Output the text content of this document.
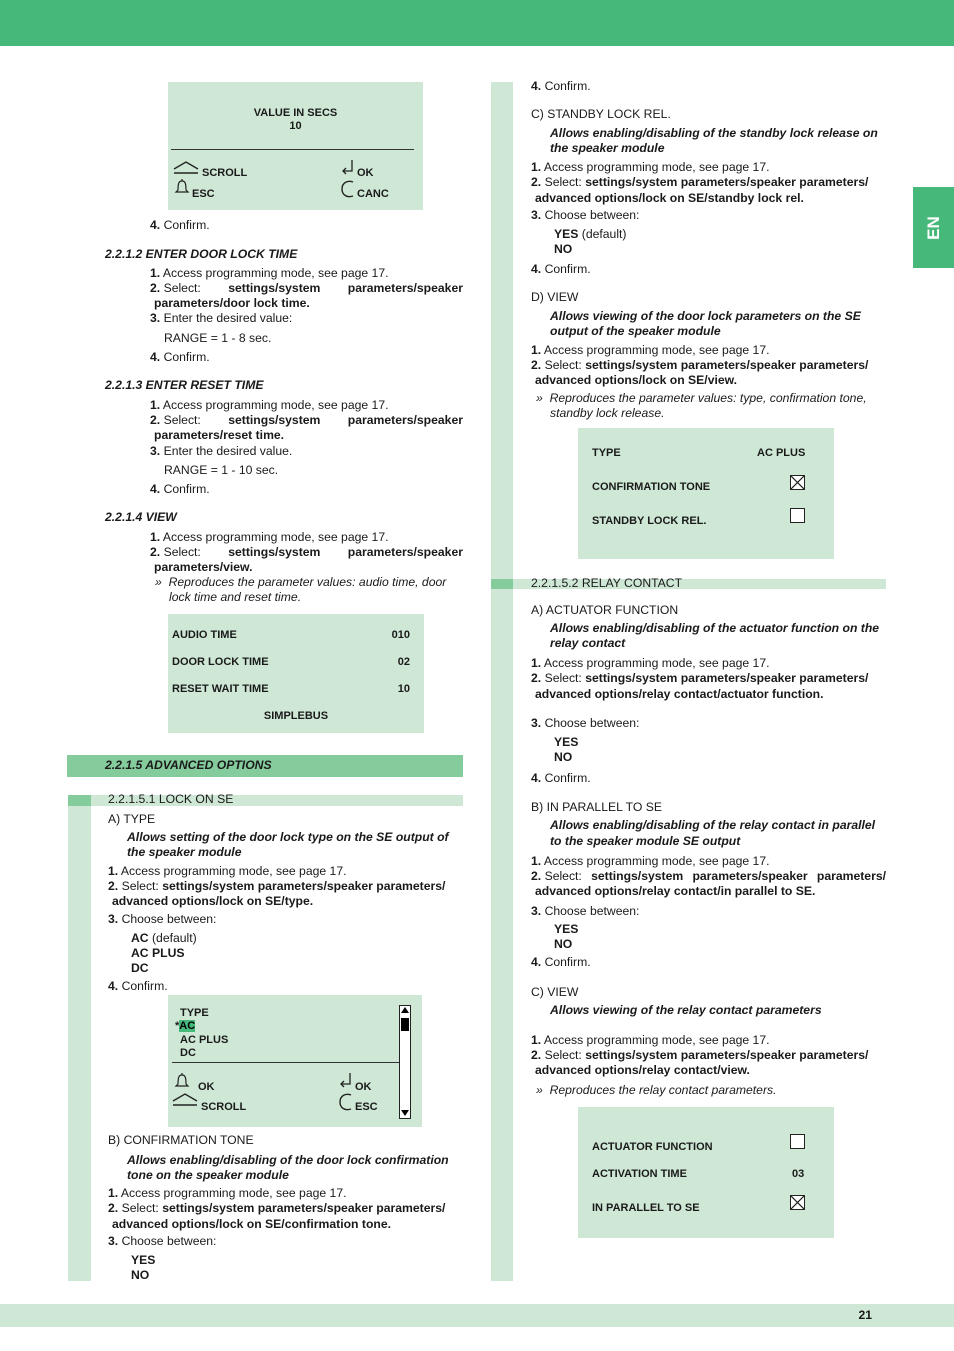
EN
21
VALUE IN SECS
10
SCROLL
ESC
OK
CANC
4. Confirm.
2.2.1.2 ENTER DOOR LOCK TIME
1. Access programming mode, see page 17.
2. Select: settings/system parameters/speaker
parameters/door lock time.
3. Enter the desired value:
RANGE = 1 - 8 sec.
4. Confirm.
2.2.1.3 ENTER RESET TIME
1. Access programming mode, see page 17.
2. Select: settings/system parameters/speaker
parameters/reset time.
3. Enter the desired value.
RANGE = 1 - 10 sec.
4. Confirm.
2.2.1.4 VIEW
1. Access programming mode, see page 17.
2. Select: settings/system parameters/speaker
parameters/view.
» Reproduces the parameter values: audio time, door
lock time and reset time.
AUDIO TIME	010
DOOR LOCK TIME	02
RESET WAIT TIME	10
SIMPLEBUS
2.2.1.5 ADVANCED OPTIONS
2.2.1.5.1 LOCK ON SE
A) TYPE
Allows setting of the door lock type on the SE output of
the speaker module
1. Access programming mode, see page 17.
2. Select: settings/system parameters/speaker parameters/
advanced options/lock on SE/type.
3. Choose between:
AC (default)
AC PLUS
DC
4. Confirm.
TYPE
*AC
AC PLUS
DC
OK
SCROLL
OK
ESC
B) CONFIRMATION TONE
Allows enabling/disabling of the door lock confirmation
tone on the speaker module
1. Access programming mode, see page 17.
2. Select: settings/system parameters/speaker parameters/
advanced options/lock on SE/confirmation tone.
3. Choose between:
YES
NO
4. Confirm.
C) STANDBY LOCK REL.
Allows enabling/disabling of the standby lock release on
the speaker module
1. Access programming mode, see page 17.
2. Select: settings/system parameters/speaker parameters/
advanced options/lock on SE/standby lock rel.
3. Choose between:
YES (default)
NO
4. Confirm.
D) VIEW
Allows viewing of the door lock parameters on the SE
output of the speaker module
1. Access programming mode, see page 17.
2. Select: settings/system parameters/speaker parameters/
advanced options/lock on SE/view.
» Reproduces the parameter values: type, confirmation tone,
standby lock release.
TYPE	AC PLUS
CONFIRMATION TONE
STANDBY LOCK REL.
2.2.1.5.2 RELAY CONTACT
A) ACTUATOR FUNCTION
Allows enabling/disabling of the actuator function on the
relay contact
1. Access programming mode, see page 17.
2. Select: settings/system parameters/speaker parameters/
advanced options/relay contact/actuator function.
3. Choose between:
YES
NO
4. Confirm.
B) IN PARALLEL TO SE
Allows enabling/disabling of the relay contact in parallel
to the speaker module SE output
1. Access programming mode, see page 17.
2. Select: settings/system parameters/speaker parameters/
advanced options/relay contact/in parallel to SE.
3. Choose between:
YES
NO
4. Confirm.
C) VIEW
Allows viewing of the relay contact parameters
1. Access programming mode, see page 17.
2. Select: settings/system parameters/speaker parameters/
advanced options/relay contact/view.
» Reproduces the relay contact parameters.
ACTUATOR FUNCTION
ACTIVATION TIME	03
IN PARALLEL TO SE
